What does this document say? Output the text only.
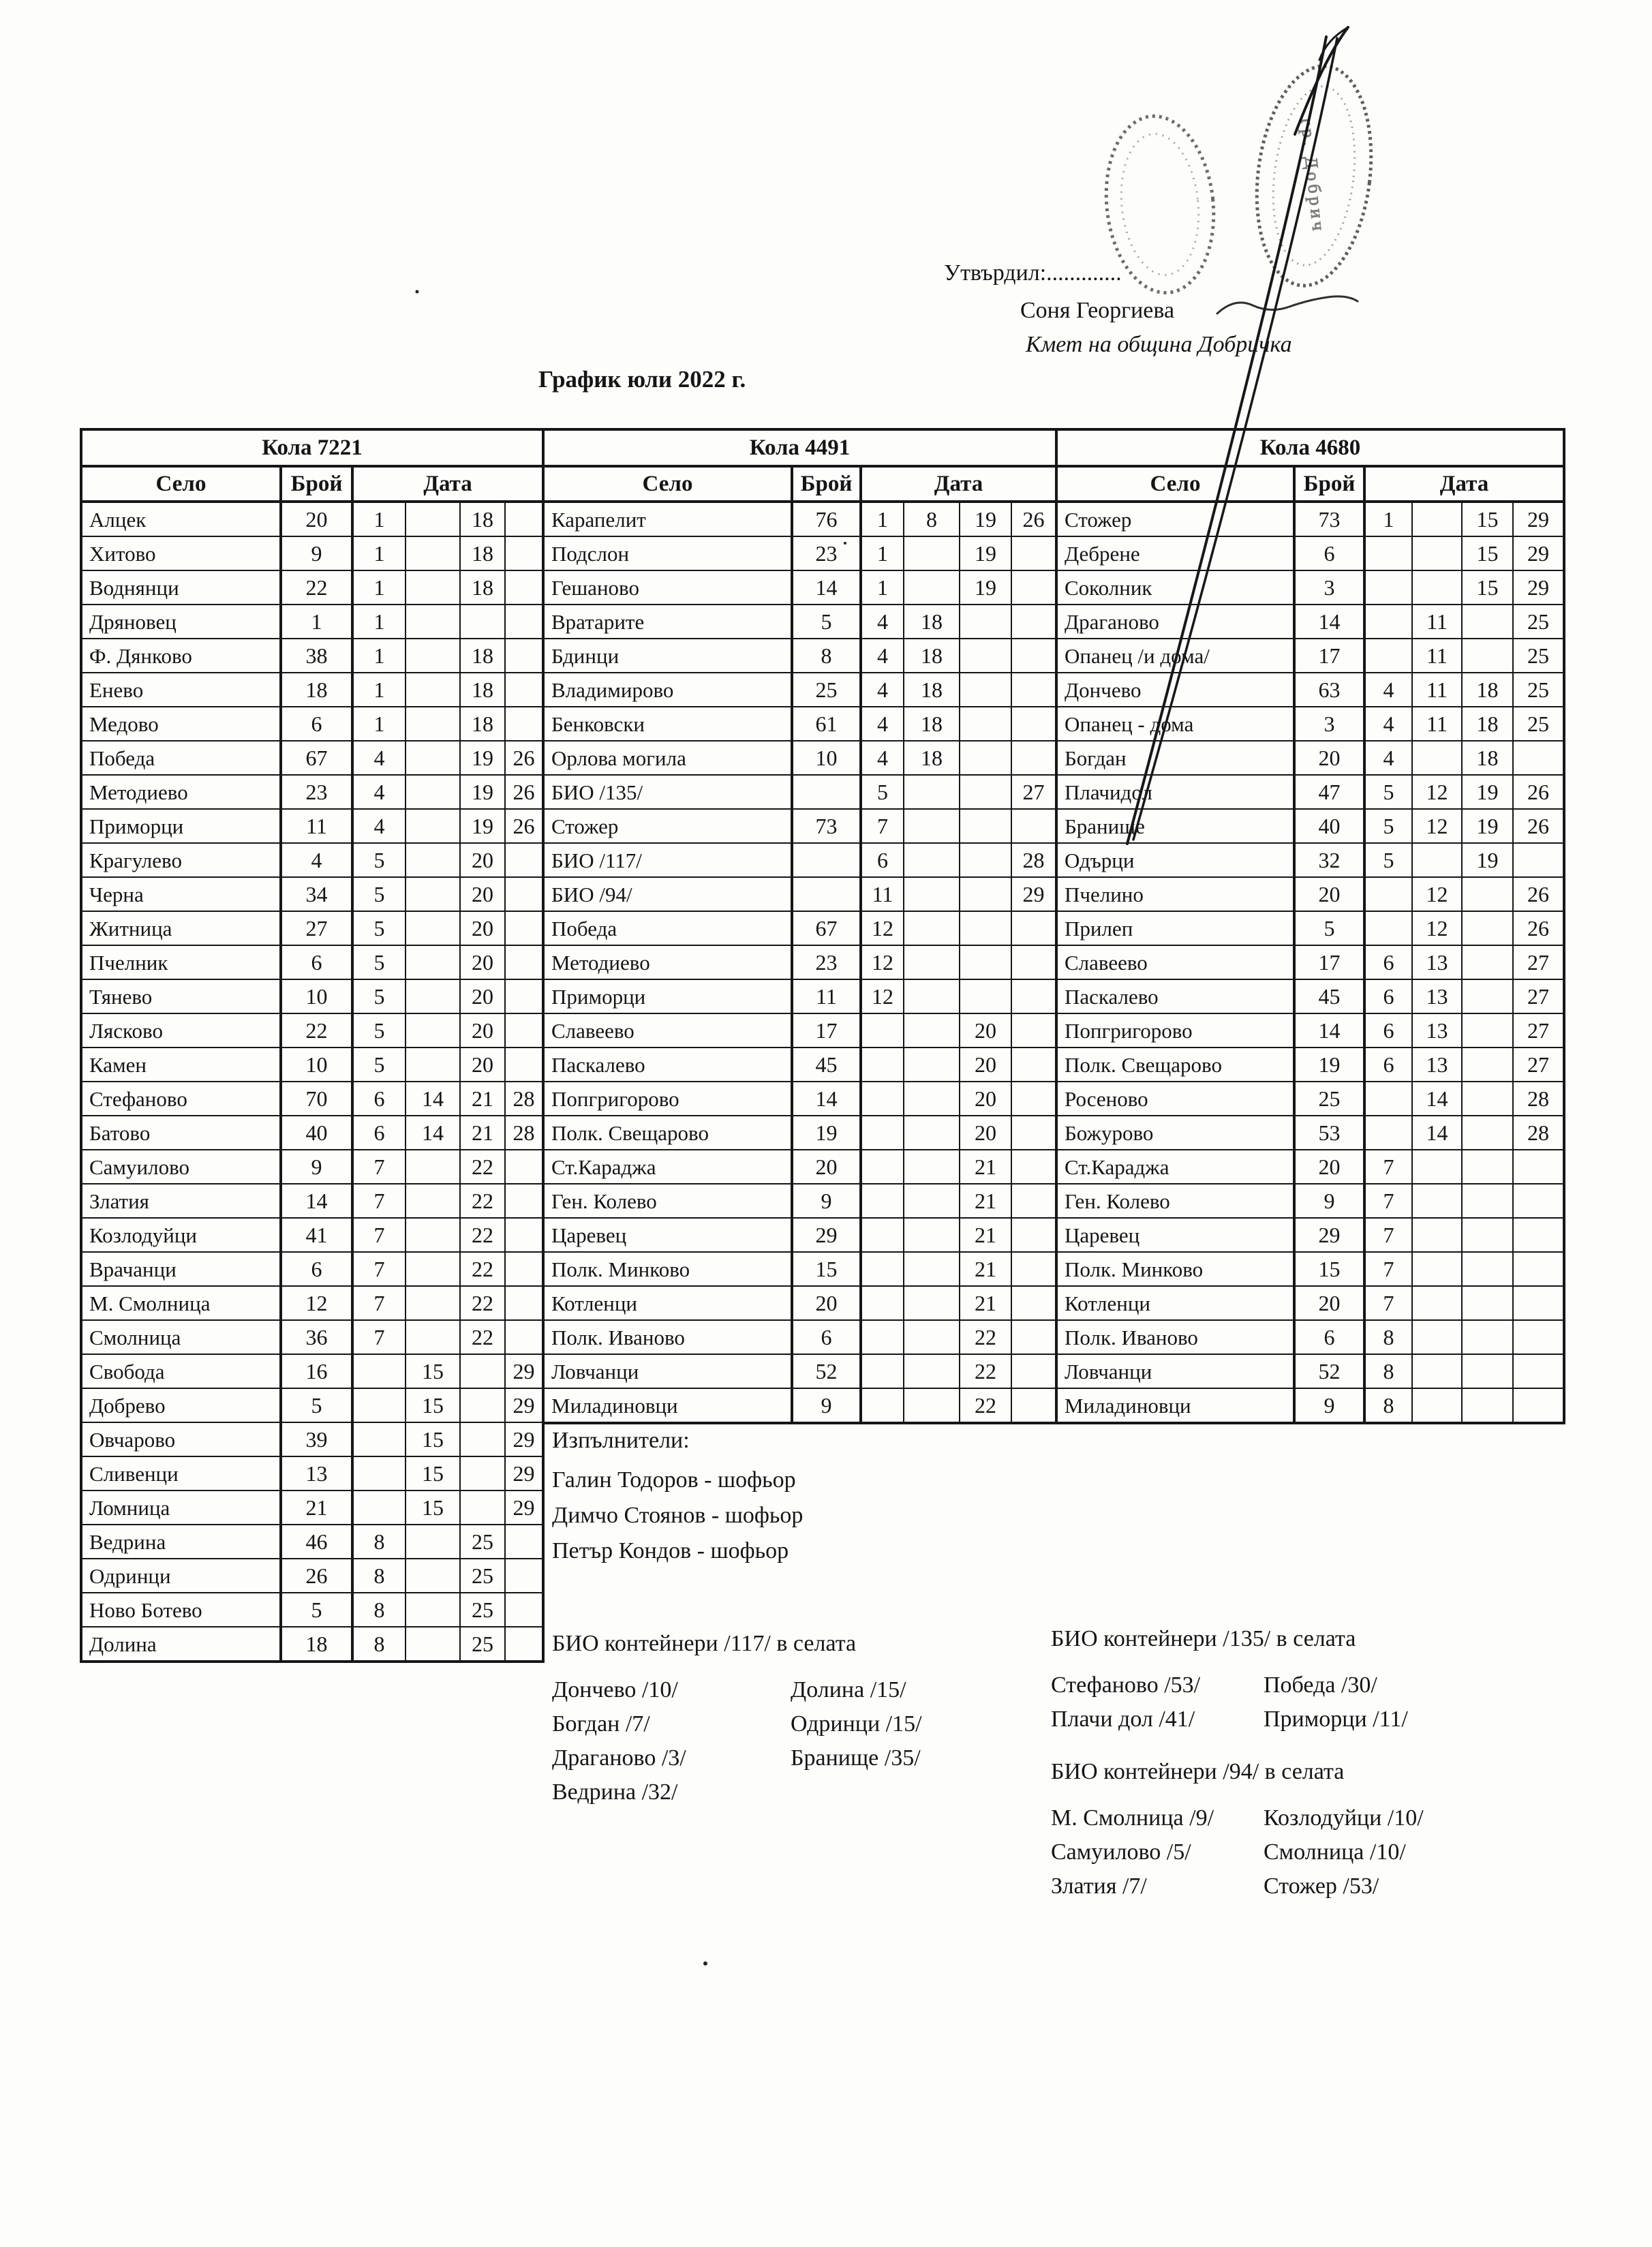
гр. Добрич
Утвърдил:.............
Соня Георгиева
Кмет на община Добричка
График юли 2022 г.
Кола 7221					
Село	Брой	Дата			
Алцек	20	1		18	
Хитово	9	1		18	
Воднянци	22	1		18	
Дряновец	1	1			
Ф. Дянково	38	1		18	
Енево	18	1		18	
Медово	6	1		18	
Победа	67	4		19	26
Методиево	23	4		19	26
Приморци	11	4		19	26
Крагулево	4	5		20	
Черна	34	5		20	
Житница	27	5		20	
Пчелник	6	5		20	
Тянево	10	5		20	
Лясково	22	5		20	
Камен	10	5		20	
Стефаново	70	6	14	21	28
Батово	40	6	14	21	28
Самуилово	9	7		22	
Златия	14	7		22	
Козлодуйци	41	7		22	
Врачанци	6	7		22	
М. Смолница	12	7		22	
Смолница	36	7		22	
Свобода	16		15		29
Добрево	5		15		29
Овчарово	39		15		29
Сливенци	13		15		29
Ломница	21		15		29
Ведрина	46	8		25	
Одринци	26	8		25	
Ново Ботево	5	8		25	
Долина	18	8		25	
Кола 4491					
Село	Брой	Дата			
Карапелит	76	1	8	19	26
Подслон	23	1		19	
Гешаново	14	1		19	
Вратарите	5	4	18		
Бдинци	8	4	18		
Владимирово	25	4	18		
Бенковски	61	4	18		
Орлова могила	10	4	18		
БИО /135/		5			27
Стожер	73	7			
БИО /117/		6			28
БИО /94/		11			29
Победа	67	12			
Методиево	23	12			
Приморци	11	12			
Славеево	17			20	
Паскалево	45			20	
Попгригорово	14			20	
Полк. Свещарово	19			20	
Ст.Караджа	20			21	
Ген. Колево	9			21	
Царевец	29			21	
Полк. Минково	15			21	
Котленци	20			21	
Полк. Иваново	6			22	
Ловчанци	52			22	
Миладиновци	9			22	
Кола 4680					
Село	Брой	Дата			
Стожер	73	1		15	29
Дебрене	6			15	29
Соколник	3			15	29
Драганово	14		11		25
Опанец /и дома/	17		11		25
Дончево	63	4	11	18	25
Опанец - дома	3	4	11	18	25
Богдан	20	4		18	
Плачидол	47	5	12	19	26
Бранище	40	5	12	19	26
Одърци	32	5		19	
Пчелино	20		12		26
Прилеп	5		12		26
Славеево	17	6	13		27
Паскалево	45	6	13		27
Попгригорово	14	6	13		27
Полк. Свещарово	19	6	13		27
Росеново	25		14		28
Божурово	53		14		28
Ст.Караджа	20	7			
Ген. Колево	9	7			
Царевец	29	7			
Полк. Минково	15	7			
Котленци	20	7			
Полк. Иваново	6	8			
Ловчанци	52	8			
Миладиновци	9	8			
Изпълнители:
Галин Тодоров - шофьор
Димчо Стоянов - шофьор
Петър Кондов - шофьор
БИО контейнери /117/ в селата
Дончево /10/	Долина /15/
Богдан /7/	Одринци /15/
Драганово /3/	Бранище /35/
Ведрина /32/
БИО контейнери /135/ в селата
Стефаново /53/	Победа /30/
Плачи дол /41/	Приморци /11/
БИО контейнери /94/ в селата
М. Смолница /9/	Козлодуйци /10/
Самуилово /5/	Смолница /10/
Златия /7/	Стожер /53/
